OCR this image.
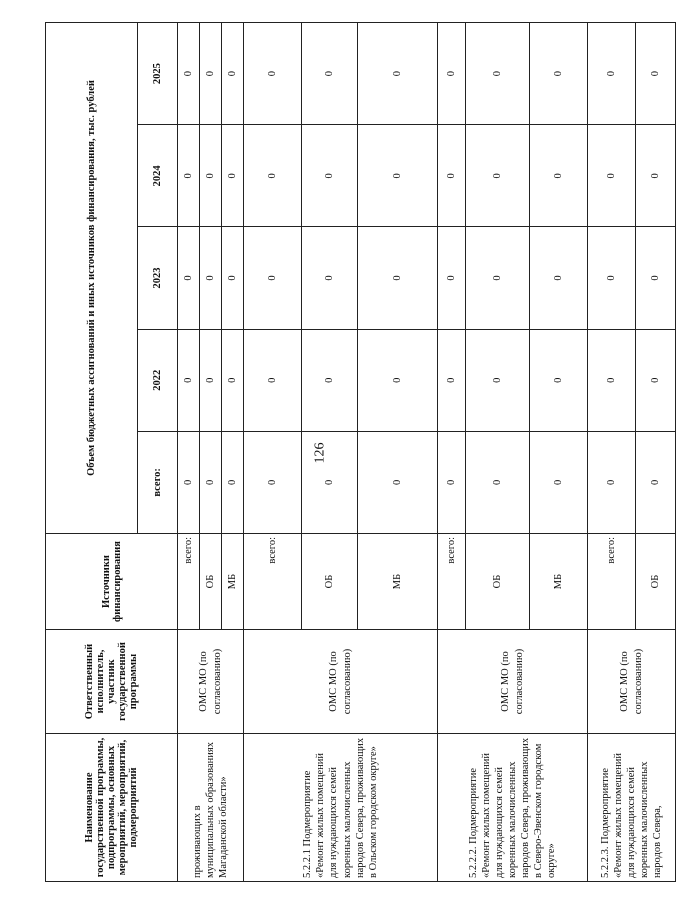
126
Наименование государственной программы, подпрограммы, основных мероприятий, мероприятий, подмероприятий	Ответственный исполнитель, участник государственной программы	Источники финансирования	Объем бюджетных ассигнований и иных источников финансирования, тыс. рублей				
			всего:	2022	2023	2024	2025
проживающих в муниципальных образованиях Магаданской области»	ОМС МО (по согласованию)	всего:	0	0	0	0	0
		ОБ	0	0	0	0	0
		МБ	0	0	0	0	0
5.2.2.1 Подмероприятие «Ремонт жилых помещений для нуждающихся семей коренных малочисленных народов Севера, проживающих в Ольском городском округе»	ОМС МО (по согласованию)	всего:	0	0	0	0	0
		ОБ	0	0	0	0	0
		МБ	0	0	0	0	0
5.2.2.2. Подмероприятие «Ремонт жилых помещений для нуждающихся семей коренных малочисленных народов Севера, проживающих в Северо-Эвенском городском округе»	ОМС МО (по согласованию)	всего:	0	0	0	0	0
		ОБ	0	0	0	0	0
		МБ	0	0	0	0	0
5.2.2.3. Подмероприятие «Ремонт жилых помещений для нуждающихся семей коренных малочисленных народов Севера,	ОМС МО (по согласованию)	всего:	0	0	0	0	0
		ОБ	0	0	0	0	0
